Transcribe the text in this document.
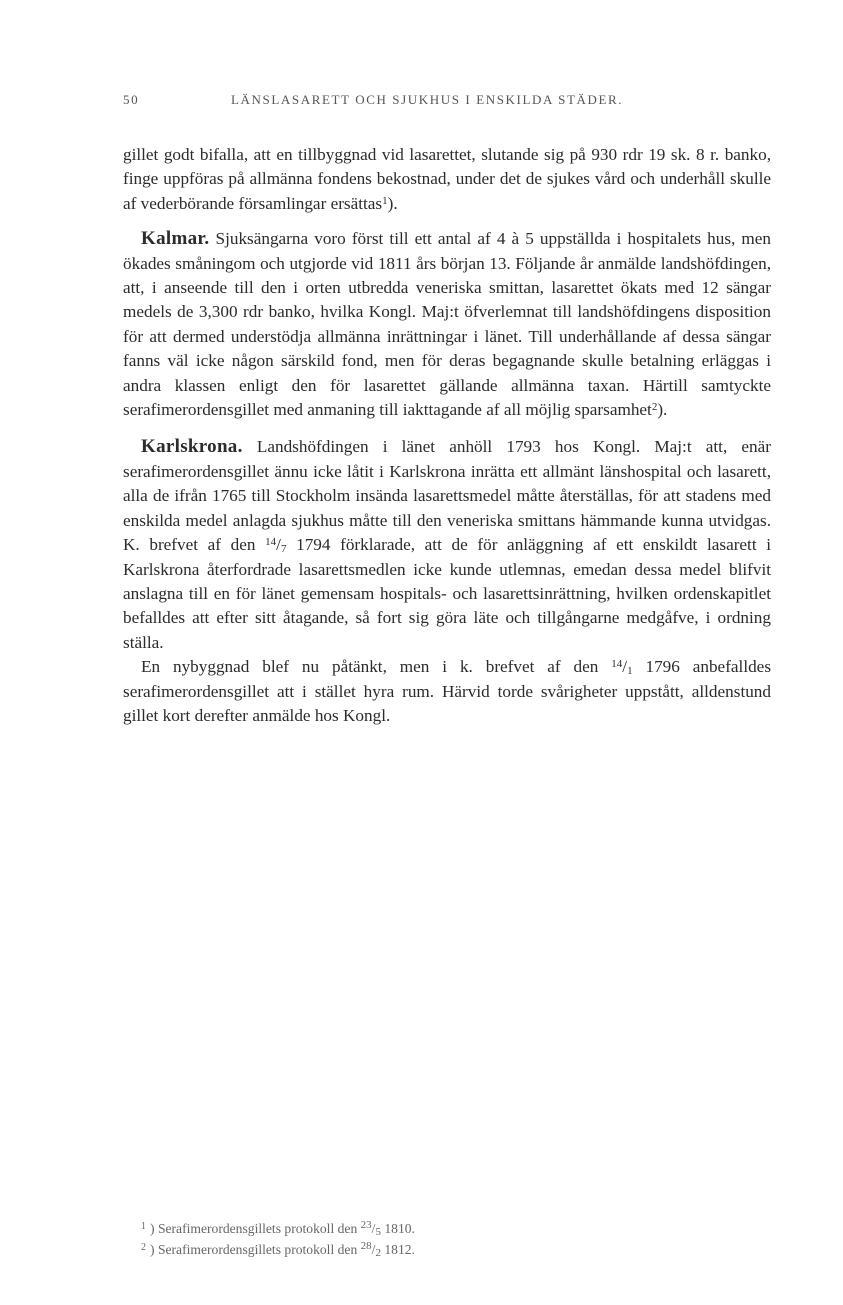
50	LÄNSLASARETT OCH SJUKHUS I ENSKILDA STÄDER.

gillet godt bifalla, att en tillbyggnad vid lasarettet, slutande sig på 930 rdr 19 sk. 8 r. banko, finge uppföras på allmänna fondens bekostnad, under det de sjukes vård och underhåll skulle af vederbörande församlingar ersättas$^1$).

Kalmar. Sjuksängarna voro först till ett antal af 4 à 5 uppställda i hospitalets hus, men ökades småningom och utgjorde vid 1811 års början 13. Följande år anmälde landshöfdingen, att, i anseende till den i orten utbredda veneriska smittan, lasarettet ökats med 12 sängar medels de 3,300 rdr banko, hvilka Kongl. Maj:t öfverlemnat till landshöfdingens disposition för att dermed understödja allmänna inrättningar i länet. Till underhållande af dessa sängar fanns väl icke någon särskild fond, men för deras begagnande skulle betalning erläggas i andra klassen enligt den för lasarettet gällande allmänna taxan. Härtill samtyckte serafimerordensgillet med anmaning till iakttagande af all möjlig sparsamhet$^2$).

Karlskrona. Landshöfdingen i länet anhöll 1793 hos Kongl. Maj:t att, enär serafimerordensgillet ännu icke låtit i Karlskrona inrätta ett allmänt länshospital och lasarett, alla de ifrån 1765 till Stockholm insända lasarettsmedel måtte återställas, för att stadens med enskilda medel anlagda sjukhus måtte till den veneriska smittans hämmande kunna utvidgas. K. brefvet af den $^{14}$/7 1794 förklarade, att de för anläggning af ett enskildt lasarett i Karlskrona återfordrade lasarettsmedlen icke kunde utlemnas, emedan dessa medel blifvit anslagna till en för länet gemensam hospitals- och lasarettsinrättning, hvilken ordenskapitlet befalldes att efter sitt åtagande, så fort sig göra läte och tillgångarne medgåfve, i ordning ställa.

En nybyggnad blef nu påtänkt, men i k. brefvet af den $^{14}$/1 1796 anbefalldes serafimerordensgillet att i stället hyra rum. Härvid torde svårigheter uppstått, alldenstund gillet kort derefter anmälde hos Kongl.

$^1$ ) Serafimerordensgillets protokoll den $^{23}$/5 1810.

$^2$ ) Serafimerordensgillets protokoll den $^{28}$/2 1812.
